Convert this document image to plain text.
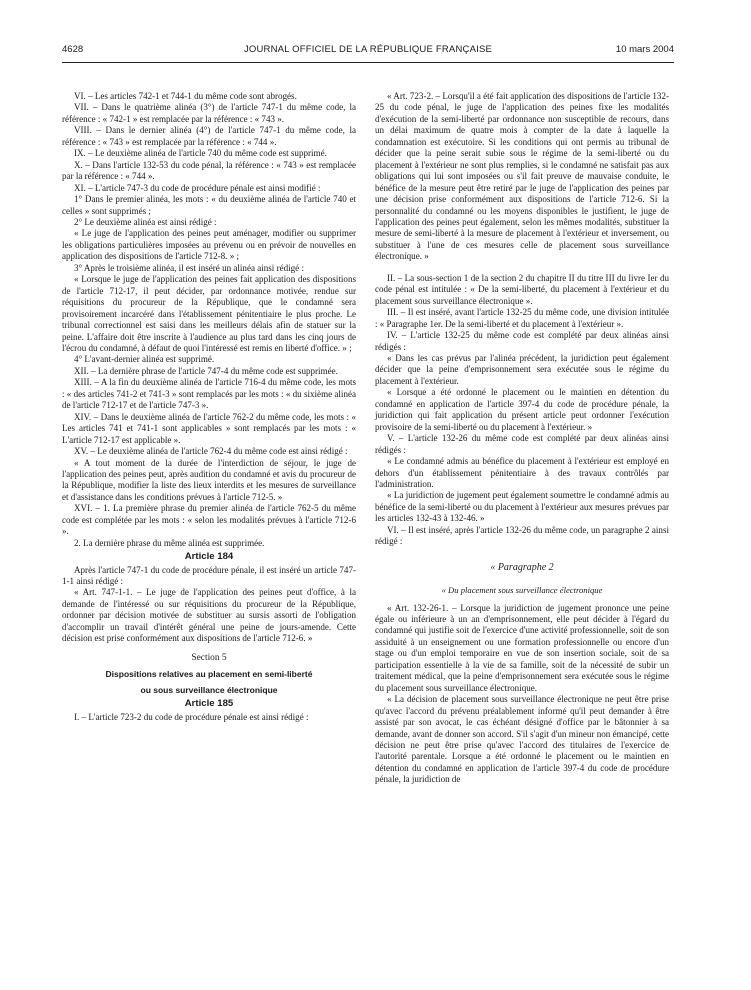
4628	JOURNAL OFFICIEL DE LA RÉPUBLIQUE FRANÇAISE	10 mars 2004

VI. – Les articles 742-1 et 744-1 du même code sont abrogés.

VII. – Dans le quatrième alinéa (3°) de l'article 747-1 du même code, la référence : « 742-1 » est remplacée par la référence : « 743 ».

VIII. – Dans le dernier alinéa (4°) de l'article 747-1 du même code, la référence : « 743 » est remplacée par la référence : « 744 ».

IX. – Le deuxième alinéa de l'article 740 du même code est supprimé.

X. – Dans l'article 132-53 du code pénal, la référence : « 743 » est remplacée par la référence : « 744 ».

XI. – L'article 747-3 du code de procédure pénale est ainsi modifié :

1° Dans le premier alinéa, les mots : « du deuxième alinéa de l'article 740 et celles » sont supprimés ;

2° Le deuxième alinéa est ainsi rédigé :

« Le juge de l'application des peines peut aménager, modifier ou supprimer les obligations particulières imposées au prévenu ou en prévoir de nouvelles en application des dispositions de l'article 712-8. » ;

3° Après le troisième alinéa, il est inséré un alinéa ainsi rédigé :

« Lorsque le juge de l'application des peines fait application des dispositions de l'article 712-17, il peut décider, par ordonnance motivée, rendue sur réquisitions du procureur de la République, que le condamné sera provisoirement incarcéré dans l'établissement pénitentiaire le plus proche. Le tribunal correctionnel est saisi dans les meilleurs délais afin de statuer sur la peine. L'affaire doit être inscrite à l'audience au plus tard dans les cinq jours de l'écrou du condamné, à défaut de quoi l'intéressé est remis en liberté d'office. » ;

4° L'avant-dernier alinéa est supprimé.

XII. – La dernière phrase de l'article 747-4 du même code est supprimée.

XIII. – A la fin du deuxième alinéa de l'article 716-4 du même code, les mots : « des articles 741-2 et 741-3 » sont remplacés par les mots : « du sixième alinéa de l'article 712-17 et de l'article 747-3 ».

XIV. – Dans le deuxième alinéa de l'article 762-2 du même code, les mots : « Les articles 741 et 741-1 sont applicables » sont remplacés par les mots : « L'article 712-17 est applicable ».

XV. – Le deuxième alinéa de l'article 762-4 du même code est ainsi rédigé :

« A tout moment de la durée de l'interdiction de séjour, le juge de l'application des peines peut, après audition du condamné et avis du procureur de la République, modifier la liste des lieux interdits et les mesures de surveillance et d'assistance dans les conditions prévues à l'article 712-5. »

XVI. – 1. La première phrase du premier alinéa de l'article 762-5 du même code est complétée par les mots : « selon les modalités prévues à l'article 712-6 ».

2. La dernière phrase du même alinéa est supprimée.

Article 184

Après l'article 747-1 du code de procédure pénale, il est inséré un article 747-1-1 ainsi rédigé :

« Art. 747-1-1. – Le juge de l'application des peines peut d'office, à la demande de l'intéressé ou sur réquisitions du procureur de la République, ordonner par décision motivée de substituer au sursis assorti de l'obligation d'accomplir un travail d'intérêt général une peine de jours-amende. Cette décision est prise conformément aux dispositions de l'article 712-6. »

Section 5

Dispositions relatives au placement en semi-liberté

ou sous surveillance électronique

Article 185

I. – L'article 723-2 du code de procédure pénale est ainsi rédigé :

« Art. 723-2. – Lorsqu'il a été fait application des dispositions de l'article 132-25 du code pénal, le juge de l'application des peines fixe les modalités d'exécution de la semi-liberté par ordonnance non susceptible de recours, dans un délai maximum de quatre mois à compter de la date à laquelle la condamnation est exécutoire. Si les conditions qui ont permis au tribunal de décider que la peine serait subie sous le régime de la semi-liberté ou du placement à l'extérieur ne sont plus remplies, si le condamné ne satisfait pas aux obligations qui lui sont imposées ou s'il fait preuve de mauvaise conduite, le bénéfice de la mesure peut être retiré par le juge de l'application des peines par une décision prise conformément aux dispositions de l'article 712-6. Si la personnalité du condamné ou les moyens disponibles le justifient, le juge de l'application des peines peut également, selon les mêmes modalités, substituer la mesure de semi-liberté à la mesure de placement à l'extérieur et inversement, ou substituer à l'une de ces mesures celle de placement sous surveillance électronique. »

II. – La sous-section 1 de la section 2 du chapitre II du titre III du livre Ier du code pénal est intitulée : « De la semi-liberté, du placement à l'extérieur et du placement sous surveillance électronique ».

III. – Il est inséré, avant l'article 132-25 du même code, une division intitulée : « Paragraphe 1er. De la semi-liberté et du placement à l'extérieur ».

IV. – L'article 132-25 du même code est complété par deux alinéas ainsi rédigés :

« Dans les cas prévus par l'alinéa précédent, la juridiction peut également décider que la peine d'emprisonnement sera exécutée sous le régime du placement à l'extérieur.

« Lorsque a été ordonné le placement ou le maintien en détention du condamné en application de l'article 397-4 du code de procédure pénale, la juridiction qui fait application du présent article peut ordonner l'exécution provisoire de la semi-liberté ou du placement à l'extérieur. »

V. – L'article 132-26 du même code est complété par deux alinéas ainsi rédigés :

« Le condamné admis au bénéfice du placement à l'extérieur est employé en dehors d'un établissement pénitentiaire à des travaux contrôlés par l'administration.

« La juridiction de jugement peut également soumettre le condamné admis au bénéfice de la semi-liberté ou du placement à l'extérieur aux mesures prévues par les articles 132-43 à 132-46. »

VI. – Il est inséré, après l'article 132-26 du même code, un paragraphe 2 ainsi rédigé :

« Paragraphe 2

« Du placement sous surveillance électronique

« Art. 132-26-1. – Lorsque la juridiction de jugement prononce une peine égale ou inférieure à un an d'emprisonnement, elle peut décider à l'égard du condamné qui justifie soit de l'exercice d'une activité professionnelle, soit de son assiduité à un enseignement ou une formation professionnelle ou encore d'un stage ou d'un emploi temporaire en vue de son insertion sociale, soit de sa participation essentielle à la vie de sa famille, soit de la nécessité de subir un traitement médical, que la peine d'emprisonnement sera exécutée sous le régime du placement sous surveillance électronique.

« La décision de placement sous surveillance électronique ne peut être prise qu'avec l'accord du prévenu préalablement informé qu'il peut demander à être assisté par son avocat, le cas échéant désigné d'office par le bâtonnier à sa demande, avant de donner son accord. S'il s'agit d'un mineur non émancipé, cette décision ne peut être prise qu'avec l'accord des titulaires de l'exercice de l'autorité parentale. Lorsque a été ordonné le placement ou le maintien en détention du condamné en application de l'article 397-4 du code de procédure pénale, la juridiction de
